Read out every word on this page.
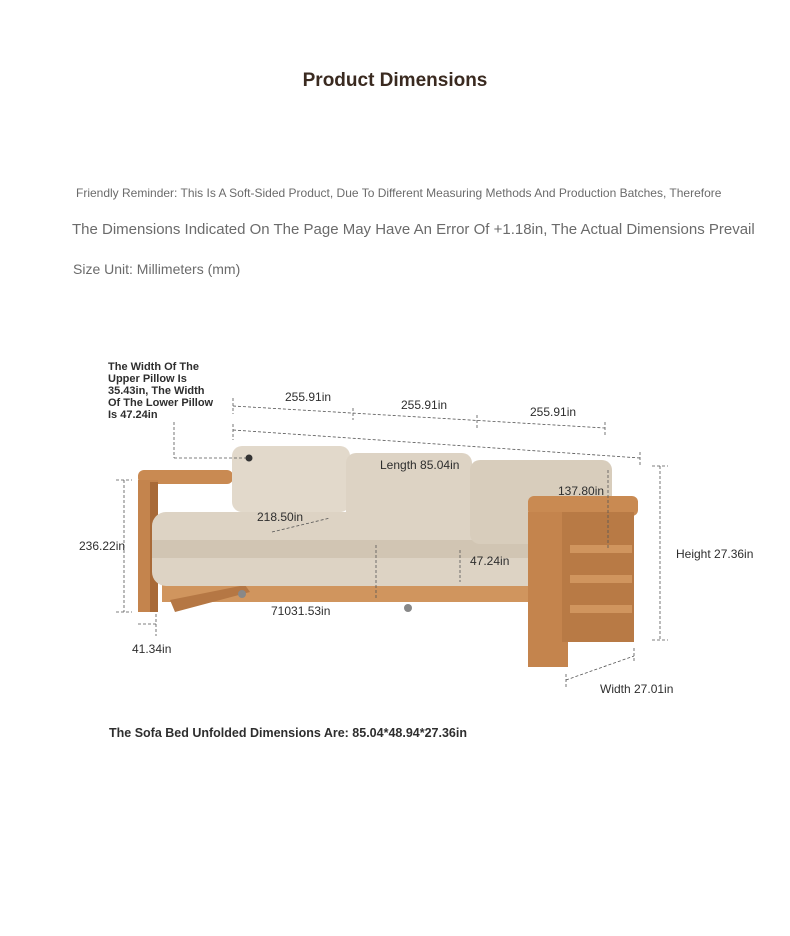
Product Dimensions
Friendly Reminder: This Is A Soft-Sided Product, Due To Different Measuring Methods And Production Batches, Therefore
The Dimensions Indicated On The Page May Have An Error Of +1.18in, The Actual Dimensions Prevail
Size Unit: Millimeters (mm)
The Width Of The Upper Pillow Is 35.43in, The Width Of The Lower Pillow Is 47.24in
255.91in
255.91in	255.91in
Length 85.04in
137.80in
218.50in
47.24in
236.22in
Height 27.36in
71031.53in
41.34in
Width 27.01in
The Sofa Bed Unfolded Dimensions Are: 85.04*48.94*27.36in
